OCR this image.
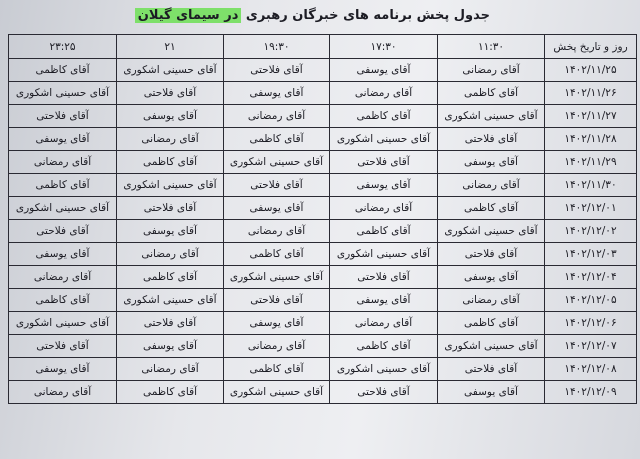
جدول پخش برنامه های خبرگان رهبری در سیمای گیلان
روز و تاریخ پخش	۱۱:۳۰	۱۷:۳۰	۱۹:۳۰	۲۱	۲۳:۲۵
۱۴۰۲/۱۱/۲۵	آقای رمضانی	آقای یوسفی	آقای فلاحتی	آقای حسینی اشکوری	آقای کاظمی
۱۴۰۲/۱۱/۲۶	آقای کاظمی	آقای رمضانی	آقای یوسفی	آقای فلاحتی	آقای حسینی اشکوری
۱۴۰۲/۱۱/۲۷	آقای حسینی اشکوری	آقای کاظمی	آقای رمضانی	آقای یوسفی	آقای فلاحتی
۱۴۰۲/۱۱/۲۸	آقای فلاحتی	آقای حسینی اشکوری	آقای کاظمی	آقای رمضانی	آقای یوسفی
۱۴۰۲/۱۱/۲۹	آقای یوسفی	آقای فلاحتی	آقای حسینی اشکوری	آقای کاظمی	آقای رمضانی
۱۴۰۲/۱۱/۳۰	آقای رمضانی	آقای یوسفی	آقای فلاحتی	آقای حسینی اشکوری	آقای کاظمی
۱۴۰۲/۱۲/۰۱	آقای کاظمی	آقای رمضانی	آقای یوسفی	آقای فلاحتی	آقای حسینی اشکوری
۱۴۰۲/۱۲/۰۲	آقای حسینی اشکوری	آقای کاظمی	آقای رمضانی	آقای یوسفی	آقای فلاحتی
۱۴۰۲/۱۲/۰۳	آقای فلاحتی	آقای حسینی اشکوری	آقای کاظمی	آقای رمضانی	آقای یوسفی
۱۴۰۲/۱۲/۰۴	آقای یوسفی	آقای فلاحتی	آقای حسینی اشکوری	آقای کاظمی	آقای رمضانی
۱۴۰۲/۱۲/۰۵	آقای رمضانی	آقای یوسفی	آقای فلاحتی	آقای حسینی اشکوری	آقای کاظمی
۱۴۰۲/۱۲/۰۶	آقای کاظمی	آقای رمضانی	آقای یوسفی	آقای فلاحتی	آقای حسینی اشکوری
۱۴۰۲/۱۲/۰۷	آقای حسینی اشکوری	آقای کاظمی	آقای رمضانی	آقای یوسفی	آقای فلاحتی
۱۴۰۲/۱۲/۰۸	آقای فلاحتی	آقای حسینی اشکوری	آقای کاظمی	آقای رمضانی	آقای یوسفی
۱۴۰۲/۱۲/۰۹	آقای یوسفی	آقای فلاحتی	آقای حسینی اشکوری	آقای کاظمی	آقای رمضانی
